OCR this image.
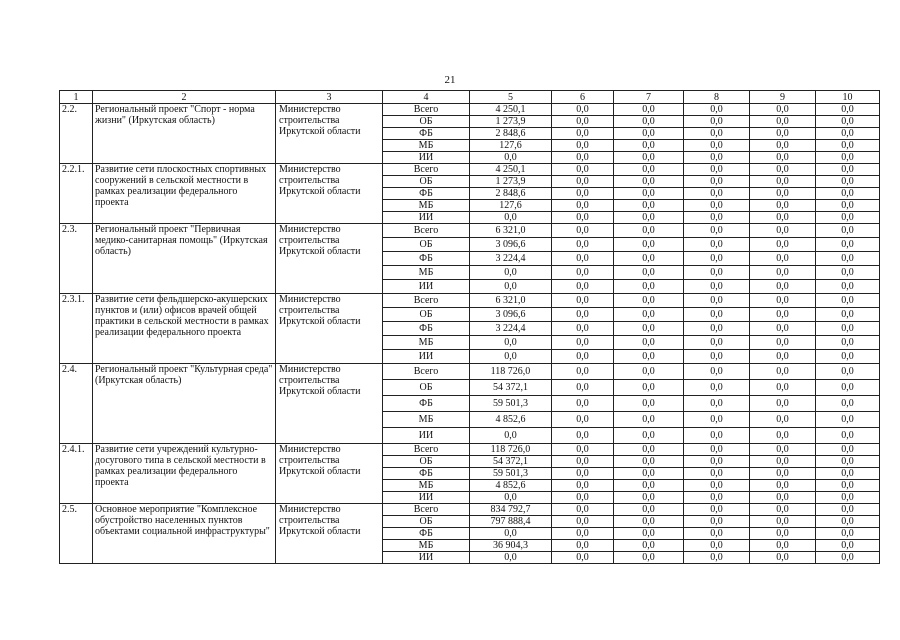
21
1	2	3	4	5	6	7	8	9	10
2.2.	Региональный проект "Спорт - норма жизни" (Иркутская область)	Министерство строительства Иркутской области	Всего	4 250,1	0,0	0,0	0,0	0,0	0,0
			ОБ	1 273,9	0,0	0,0	0,0	0,0	0,0
			ФБ	2 848,6	0,0	0,0	0,0	0,0	0,0
			МБ	127,6	0,0	0,0	0,0	0,0	0,0
			ИИ	0,0	0,0	0,0	0,0	0,0	0,0
2.2.1.	Развитие сети плоскостных спортивных сооружений в сельской местности в рамках реализации федерального проекта	Министерство строительства Иркутской области	Всего	4 250,1	0,0	0,0	0,0	0,0	0,0
			ОБ	1 273,9	0,0	0,0	0,0	0,0	0,0
			ФБ	2 848,6	0,0	0,0	0,0	0,0	0,0
			МБ	127,6	0,0	0,0	0,0	0,0	0,0
			ИИ	0,0	0,0	0,0	0,0	0,0	0,0
2.3.	Региональный проект "Первичная медико-санитарная помощь" (Иркутская область)	Министерство строительства Иркутской области	Всего	6 321,0	0,0	0,0	0,0	0,0	0,0
			ОБ	3 096,6	0,0	0,0	0,0	0,0	0,0
			ФБ	3 224,4	0,0	0,0	0,0	0,0	0,0
			МБ	0,0	0,0	0,0	0,0	0,0	0,0
			ИИ	0,0	0,0	0,0	0,0	0,0	0,0
2.3.1.	Развитие сети фельдшерско-акушерских пунктов и (или) офисов врачей общей практики в сельской местности в рамках реализации федерального проекта	Министерство строительства Иркутской области	Всего	6 321,0	0,0	0,0	0,0	0,0	0,0
			ОБ	3 096,6	0,0	0,0	0,0	0,0	0,0
			ФБ	3 224,4	0,0	0,0	0,0	0,0	0,0
			МБ	0,0	0,0	0,0	0,0	0,0	0,0
			ИИ	0,0	0,0	0,0	0,0	0,0	0,0
2.4.	Региональный проект "Культурная среда" (Иркутская область)	Министерство строительства Иркутской области	Всего	118 726,0	0,0	0,0	0,0	0,0	0,0
			ОБ	54 372,1	0,0	0,0	0,0	0,0	0,0
			ФБ	59 501,3	0,0	0,0	0,0	0,0	0,0
			МБ	4 852,6	0,0	0,0	0,0	0,0	0,0
			ИИ	0,0	0,0	0,0	0,0	0,0	0,0
2.4.1.	Развитие сети учреждений культурно-досугового типа в сельской местности в рамках реализации федерального проекта	Министерство строительства Иркутской области	Всего	118 726,0	0,0	0,0	0,0	0,0	0,0
			ОБ	54 372,1	0,0	0,0	0,0	0,0	0,0
			ФБ	59 501,3	0,0	0,0	0,0	0,0	0,0
			МБ	4 852,6	0,0	0,0	0,0	0,0	0,0
			ИИ	0,0	0,0	0,0	0,0	0,0	0,0
2.5.	Основное мероприятие "Комплексное обустройство населенных пунктов объектами социальной инфраструктуры"	Министерство строительства Иркутской области	Всего	834 792,7	0,0	0,0	0,0	0,0	0,0
			ОБ	797 888,4	0,0	0,0	0,0	0,0	0,0
			ФБ	0,0	0,0	0,0	0,0	0,0	0,0
			МБ	36 904,3	0,0	0,0	0,0	0,0	0,0
			ИИ	0,0	0,0	0,0	0,0	0,0	0,0
